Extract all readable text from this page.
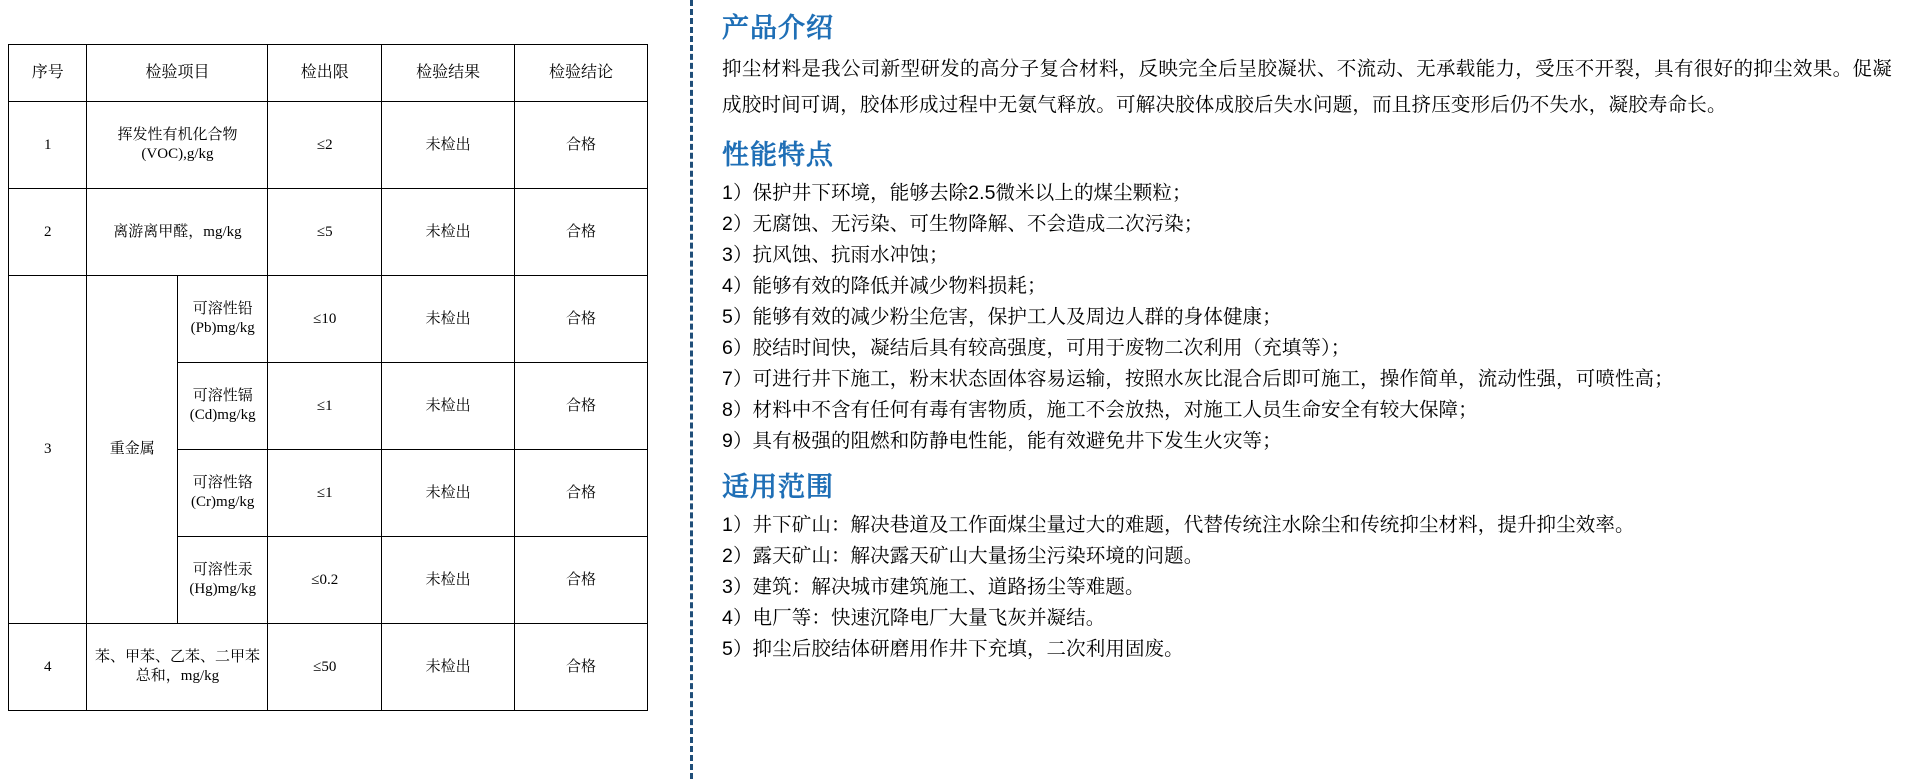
序号	检验项目		检出限	检验结果	检验结论
1	挥发性有机化合物(VOC),g/kg		≤2	未检出	合格
2	离游离甲醛，mg/kg		≤5	未检出	合格
3	重金属	可溶性铅(Pb)mg/kg	≤10	未检出	合格
		可溶性镉(Cd)mg/kg	≤1	未检出	合格
		可溶性铬(Cr)mg/kg	≤1	未检出	合格
		可溶性汞(Hg)mg/kg	≤0.2	未检出	合格
4	苯、甲苯、乙苯、二甲苯总和，mg/kg		≤50	未检出	合格
产品介绍

抑尘材料是我公司新型研发的高分子复合材料，反映完全后呈胶凝状、不流动、无承载能力，受压不开裂，具有很好的抑尘效果。促凝成胶时间可调，胶体形成过程中无氨气释放。可解决胶体成胶后失水问题，而且挤压变形后仍不失水，凝胶寿命长。

性能特点
1）保护井下环境，能够去除2.5微米以上的煤尘颗粒；
2）无腐蚀、无污染、可生物降解、不会造成二次污染；
3）抗风蚀、抗雨水冲蚀；
4）能够有效的降低并减少物料损耗；
5）能够有效的减少粉尘危害，保护工人及周边人群的身体健康；
6）胶结时间快，凝结后具有较高强度，可用于废物二次利用（充填等）；
7）可进行井下施工，粉末状态固体容易运输，按照水灰比混合后即可施工，操作简单，流动性强，可喷性高；
8）材料中不含有任何有毒有害物质，施工不会放热，对施工人员生命安全有较大保障；
9）具有极强的阻燃和防静电性能，能有效避免井下发生火灾等；
适用范围
1）井下矿山：解决巷道及工作面煤尘量过大的难题，代替传统注水除尘和传统抑尘材料，提升抑尘效率。
2）露天矿山：解决露天矿山大量扬尘污染环境的问题。
3）建筑：解决城市建筑施工、道路扬尘等难题。
4）电厂等：快速沉降电厂大量飞灰并凝结。
5）抑尘后胶结体研磨用作井下充填，二次利用固废。
